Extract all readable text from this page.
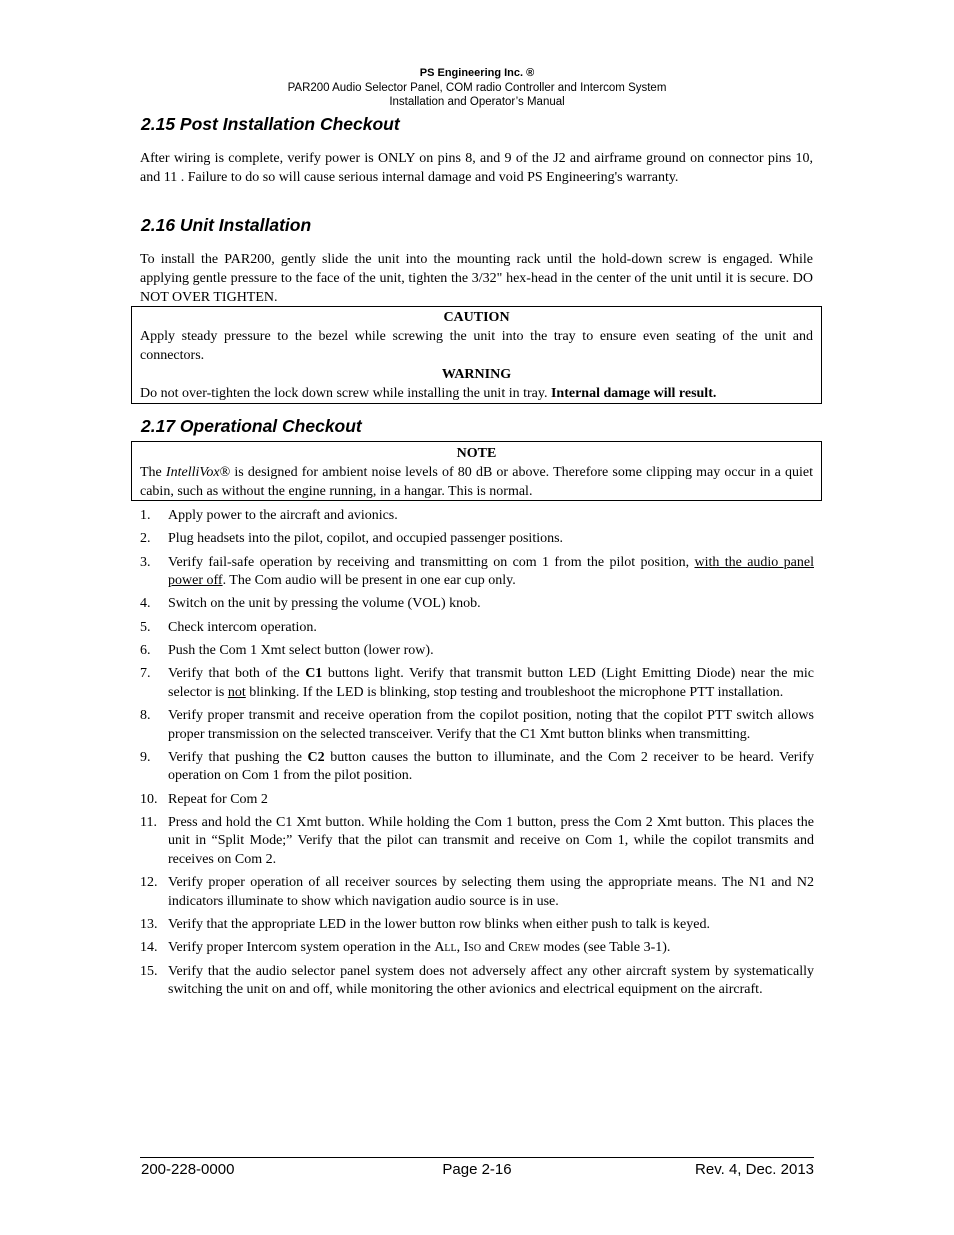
PS Engineering Inc. ®
PAR200 Audio Selector Panel, COM radio Controller and Intercom System
Installation and Operator’s Manual
2.15 Post Installation Checkout

After wiring is complete, verify power is ONLY on pins 8, and 9 of the J2 and airframe ground on connector pins 10, and 11 . Failure to do so will cause serious internal damage and void PS Engineering's warranty.

2.16 Unit Installation

To install the PAR200, gently slide the unit into the mounting rack until the hold-down screw is engaged. While applying gentle pressure to the face of the unit, tighten the 3/32" hex-head in the center of the unit until it is secure. DO NOT OVER TIGHTEN.

CAUTION
Apply steady pressure to the bezel while screwing the unit into the tray to ensure even seating of the unit and connectors.
WARNING
Do not over-tighten the lock down screw while installing the unit in tray. Internal damage will result.
2.17 Operational Checkout
NOTE
The IntelliVox® is designed for ambient noise levels of 80 dB or above. Therefore some clipping may occur in a quiet cabin, such as without the engine running, in a hangar. This is normal.
1. Apply power to the aircraft and avionics.
2. Plug headsets into the pilot, copilot, and occupied passenger positions.
3. Verify fail-safe operation by receiving and transmitting on com 1 from the pilot position, with the audio panel power off. The Com audio will be present in one ear cup only.
4. Switch on the unit by pressing the volume (VOL) knob.
5. Check intercom operation.
6. Push the Com 1 Xmt select button (lower row).
7. Verify that both of the C1 buttons light. Verify that transmit button LED (Light Emitting Diode) near the mic selector is not blinking. If the LED is blinking, stop testing and troubleshoot the microphone PTT installation.
8. Verify proper transmit and receive operation from the copilot position, noting that the copilot PTT switch allows proper transmission on the selected transceiver. Verify that the C1 Xmt button blinks when transmitting.
9. Verify that pushing the C2 button causes the button to illuminate, and the Com 2 receiver to be heard. Verify operation on Com 1 from the pilot position.
10. Repeat for Com 2
11. Press and hold the C1 Xmt button. While holding the Com 1 button, press the Com 2 Xmt button. This places the unit in “Split Mode;” Verify that the pilot can transmit and receive on Com 1, while the copilot transmits and receives on Com 2.
12. Verify proper operation of all receiver sources by selecting them using the appropriate means. The N1 and N2 indicators illuminate to show which navigation audio source is in use.
13. Verify that the appropriate LED in the lower button row blinks when either push to talk is keyed.
14. Verify proper Intercom system operation in the All, Iso and Crew modes (see Table 3-1).
15. Verify that the audio selector panel system does not adversely affect any other aircraft system by systematically switching the unit on and off, while monitoring the other avionics and electrical equipment on the aircraft.
200-228-0000	Page 2-16	Rev. 4, Dec. 2013
